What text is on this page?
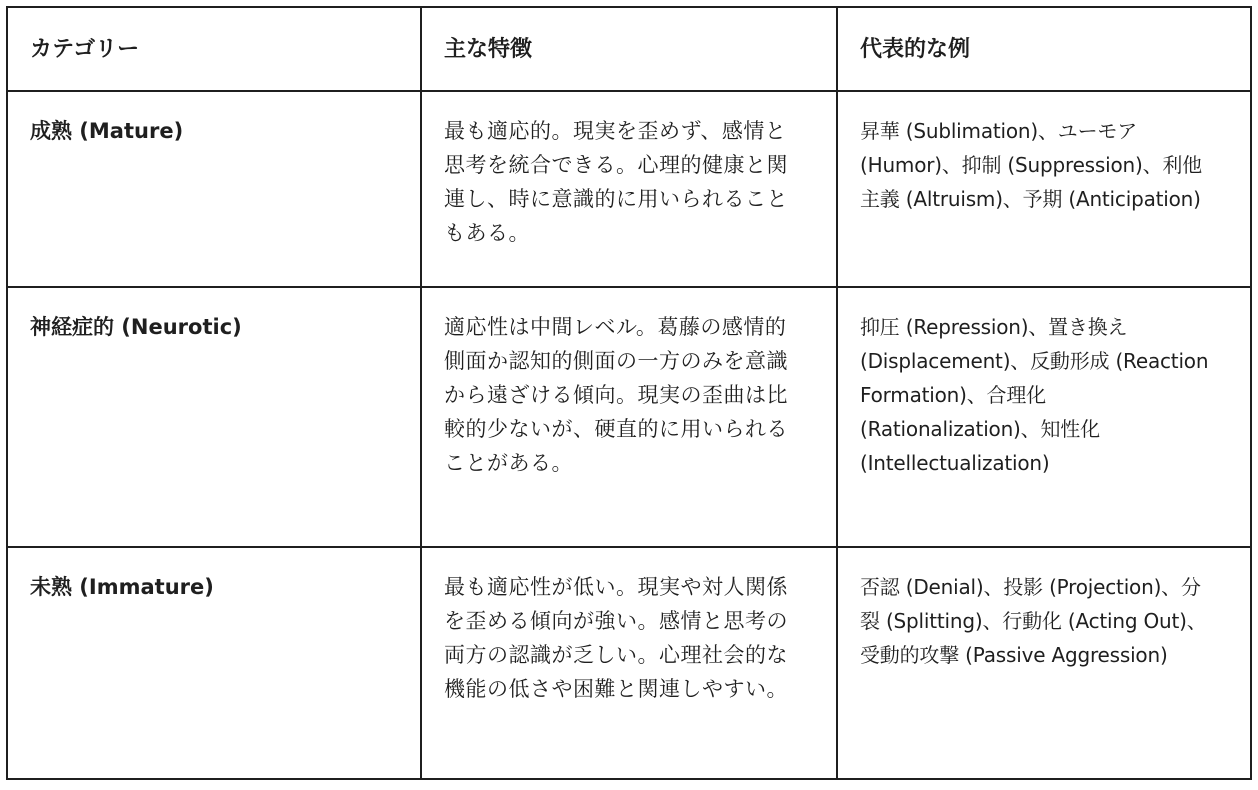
カテゴリー	主な特徴	代表的な例

成熟 (Mature)	最も適応的。現実を歪めず、感情と思考を統合できる。心理的健康と関連し、時に意識的に用いられることもある。	昇華 (Sublimation)、ユーモア (Humor)、抑制 (Suppression)、利他主義 (Altruism)、予期 (Anticipation)

神経症的 (Neurotic)	適応性は中間レベル。葛藤の感情的側面か認知的側面の一方のみを意識から遠ざける傾向。現実の歪曲は比較的少ないが、硬直的に用いられることがある。	抑圧 (Repression)、置き換え (Displacement)、反動形成 (Reaction Formation)、合理化 (Rationalization)、知性化 (Intellectualization)

未熟 (Immature)	最も適応性が低い。現実や対人関係を歪める傾向が強い。感情と思考の両方の認識が乏しい。心理社会的な機能の低さや困難と関連しやすい。	否認 (Denial)、投影 (Projection)、分裂 (Splitting)、行動化 (Acting Out)、受動的攻撃 (Passive Aggression)
